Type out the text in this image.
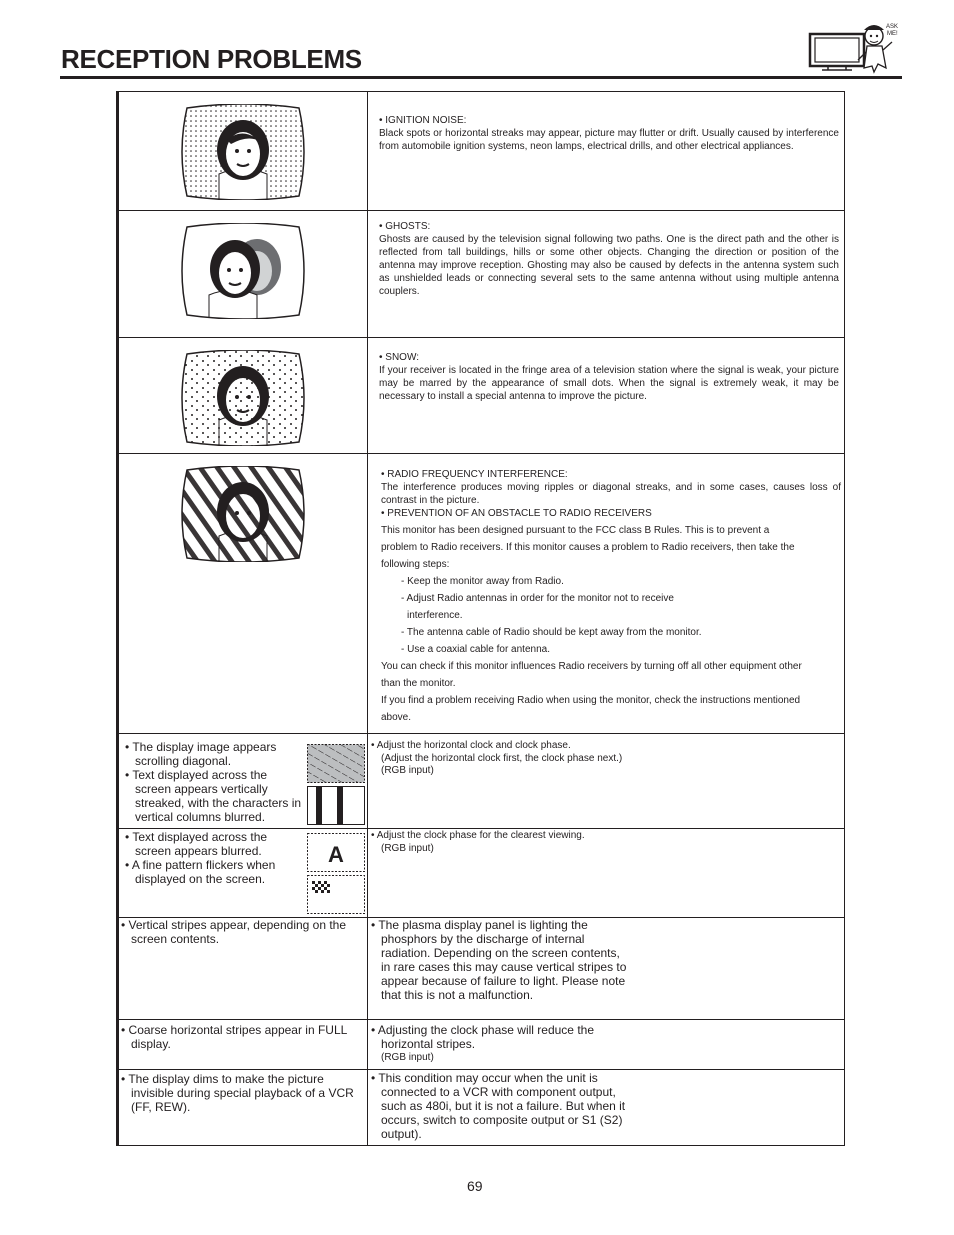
RECEPTION PROBLEMS
ASK
ME!
• IGNITION NOISE:
Black spots or horizontal streaks may appear, picture may flutter or drift. Usually caused by interference from automobile ignition systems, neon lamps, electrical drills, and other electrical appliances.
• GHOSTS:
Ghosts are caused by the television signal following two paths. One is the direct path and the other is reflected from tall buildings, hills or some other objects. Changing the direction or position of the antenna may improve reception. Ghosting may also be caused by defects in the antenna system such as unshielded leads or connecting several sets to the same antenna without using multiple antenna couplers.
• SNOW:
If your receiver is located in the fringe area of a television station where the signal is weak, your picture may be marred by the appearance of small dots. When the signal is extremely weak, it may be necessary to install a special antenna to improve the picture.
• RADIO FREQUENCY INTERFERENCE:
The interference produces moving ripples or diagonal streaks, and in some cases, causes loss of contrast in the picture.
• PREVENTION OF AN OBSTACLE TO RADIO RECEIVERS
This monitor has been designed pursuant to the FCC class B Rules. This is to prevent a
problem to Radio receivers. If this monitor causes a problem to Radio receivers, then take the
following steps:
- Keep the monitor away from Radio.
- Adjust Radio antennas in order for the monitor not to receive
interference.
- The antenna cable of Radio should be kept away from the monitor.
- Use a coaxial cable for antenna.
You can check if this monitor influences Radio receivers by turning off all other equipment other
than the monitor.
If you find a problem receiving Radio when using the monitor, check the instructions mentioned
above.
• The display image appears scrolling diagonal.
• Text displayed across the screen appears vertically streaked, with the characters in vertical columns blurred.
• Adjust the horizontal clock and clock phase.
(Adjust the horizontal clock first, the clock phase next.)
(RGB input)
• Text displayed across the screen appears blurred.
• A fine pattern flickers when displayed on the screen.
A
• Adjust the clock phase for the clearest viewing.
(RGB input)
• Vertical stripes appear, depending on the screen contents.
• The plasma display panel is lighting the phosphors by the discharge of internal radiation. Depending on the screen contents, in rare cases this may cause vertical stripes to appear because of failure to light. Please note that this is not a malfunction.
• Coarse horizontal stripes appear in FULL display.
• Adjusting the clock phase will reduce the horizontal stripes.
(RGB input)
• The display dims to make the picture invisible during special playback of a VCR (FF, REW).
• This condition may occur when the unit is connected to a VCR with component output, such as 480i, but it is not a failure. But when it occurs, switch to composite output or S1 (S2) output).
69
